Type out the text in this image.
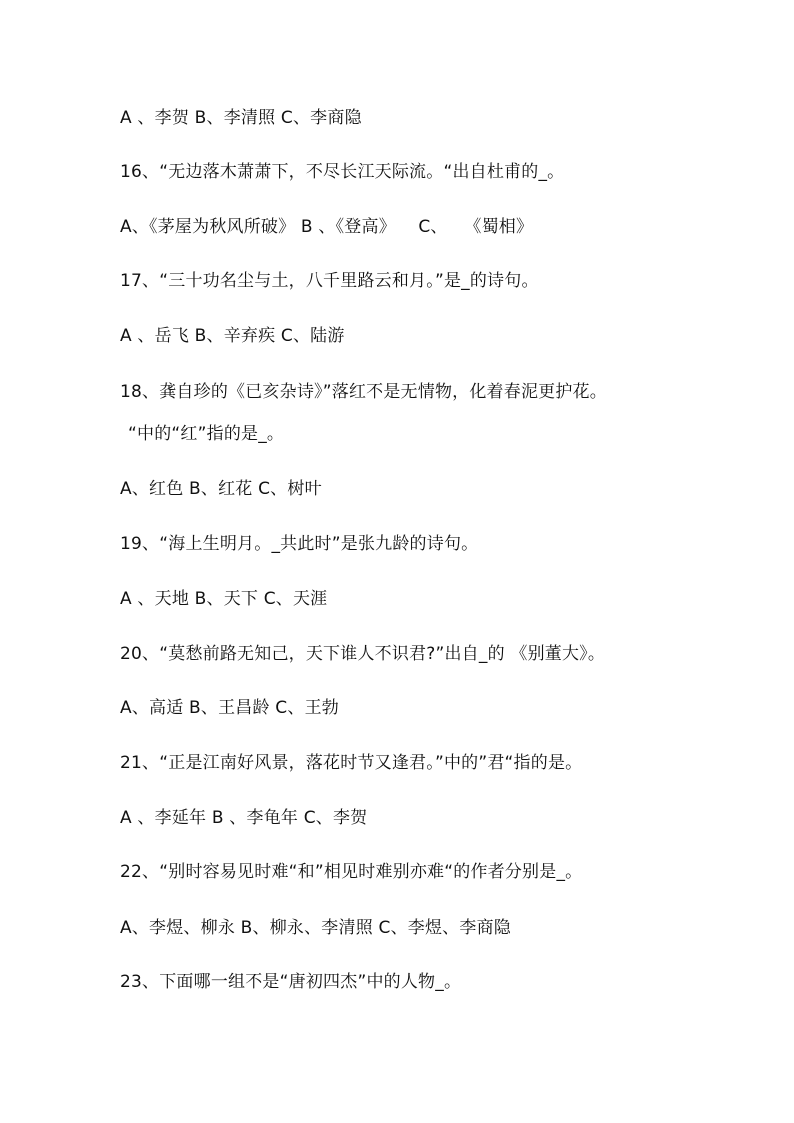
A 、李贺 B、李清照 C、李商隐
16、“无边落木萧萧下，不尽长江天际流。“出自杜甫的_。
A、《茅屋为秋风所破》 B 、《登高》    C、   《蜀相》
17、“三十功名尘与土，八千里路云和月。”是_的诗句。
A 、岳飞 B、辛弃疾 C、陆游
18、龚自珍的《已亥杂诗》”落红不是无情物，化着春泥更护花。
“中的“红”指的是_。
A、红色 B、红花 C、树叶
19、“海上生明月。_共此时”是张九龄的诗句。
A 、天地 B、天下 C、天涯
20、“莫愁前路无知己，天下谁人不识君?”出自_的 《别董大》。
A、高适 B、王昌龄 C、王勃
21、“正是江南好风景，落花时节又逢君。”中的”君“指的是。
A 、李延年 B 、李龟年 C、李贺
22、“别时容易见时难“和”相见时难别亦难“的作者分别是_。
A、李煜、柳永 B、柳永、李清照 C、李煜、李商隐
23、下面哪一组不是“唐初四杰”中的人物_。
